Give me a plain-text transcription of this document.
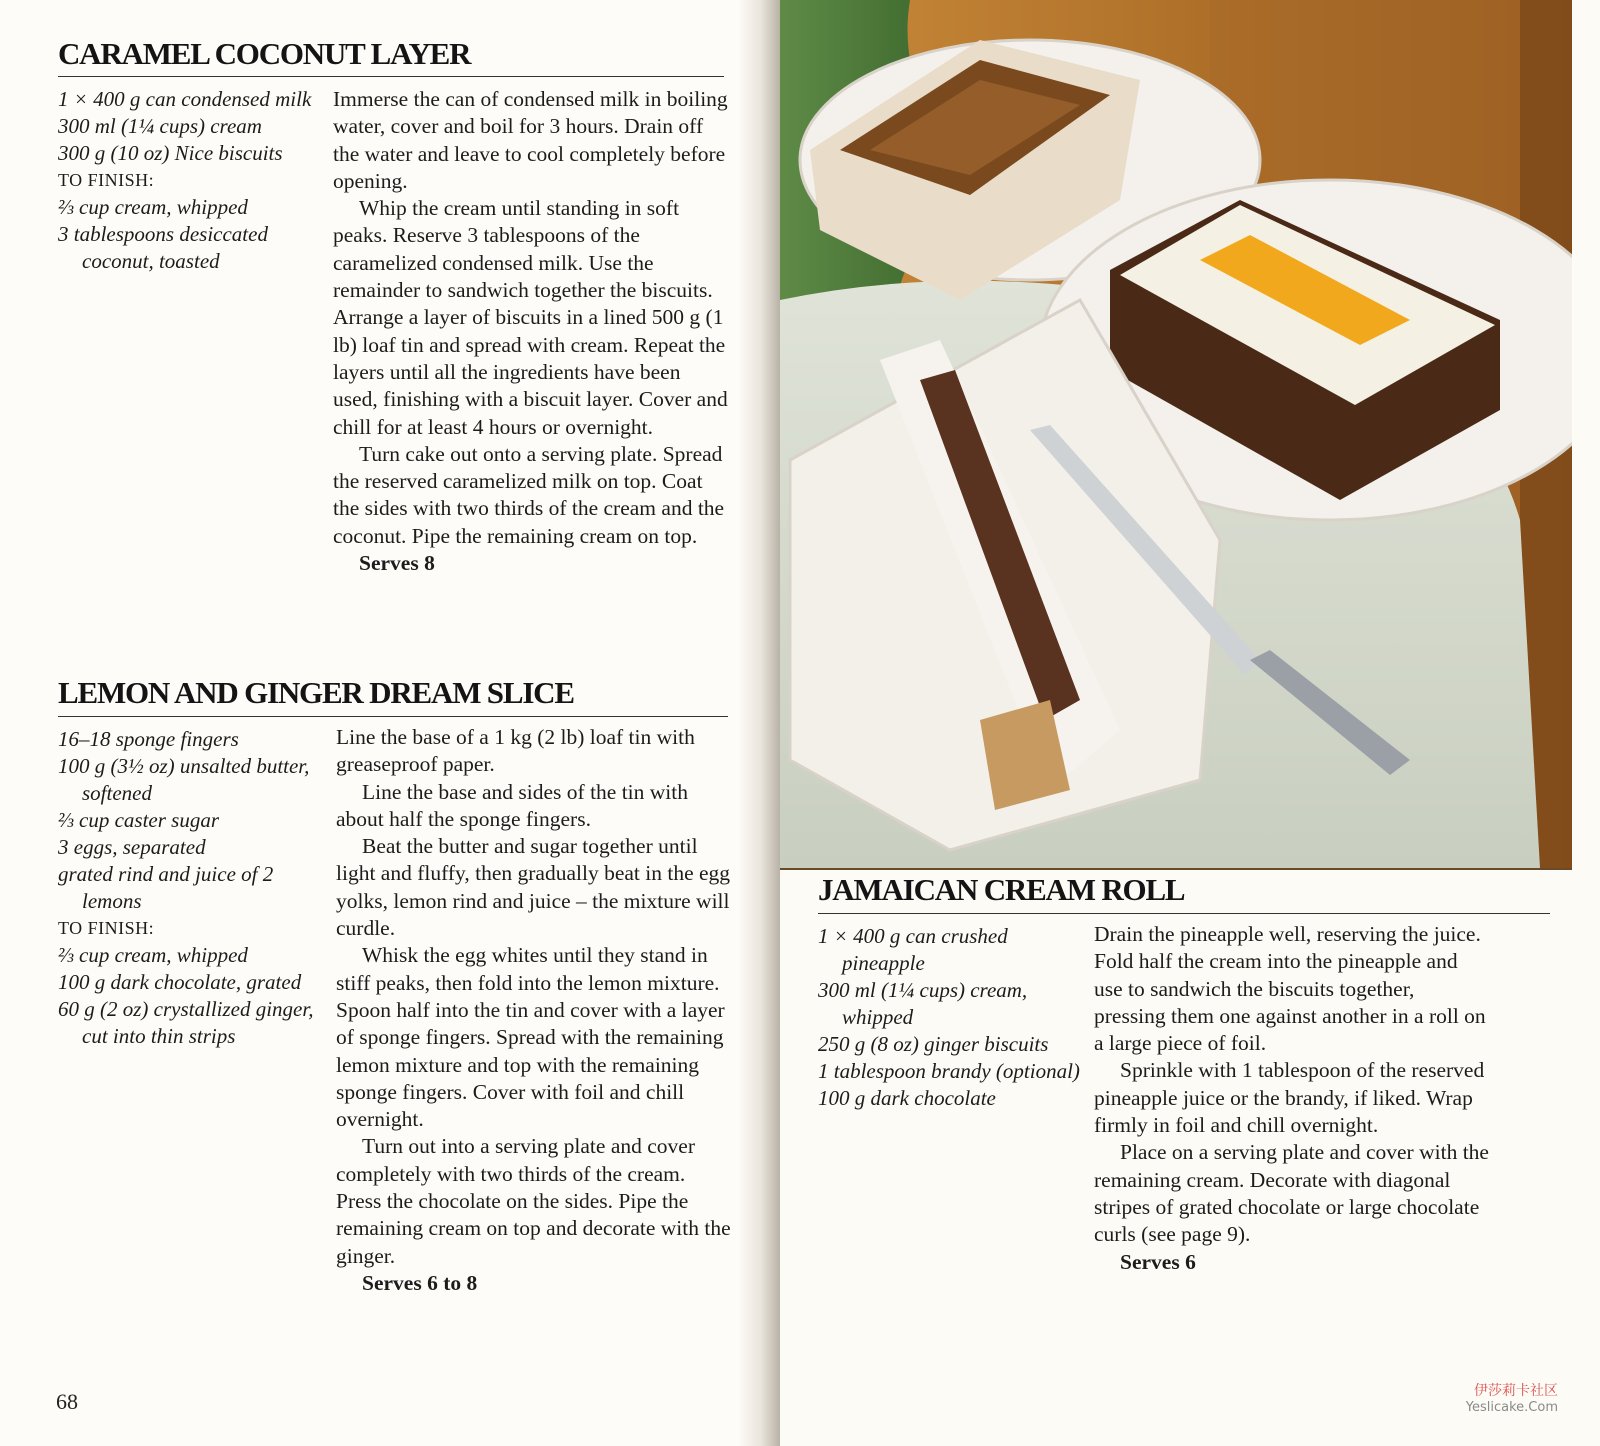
CARAMEL COCONUT LAYER
1 × 400 g can condensed milk
300 ml (1¼ cups) cream
300 g (10 oz) Nice biscuits
TO FINISH:
⅔ cup cream, whipped
3 tablespoons desiccated coconut, toasted

Immerse the can of condensed milk in boiling water, cover and boil for 3 hours. Drain off the water and leave to cool completely before opening.

Whip the cream until standing in soft peaks. Reserve 3 tablespoons of the caramelized condensed milk. Use the remainder to sandwich together the biscuits. Arrange a layer of biscuits in a lined 500 g (1 lb) loaf tin and spread with cream. Repeat the layers until all the ingredients have been used, finishing with a biscuit layer. Cover and chill for at least 4 hours or overnight.

Turn cake out onto a serving plate. Spread the reserved caramelized milk on top. Coat the sides with two thirds of the cream and the coconut. Pipe the remaining cream on top.

Serves 8

LEMON AND GINGER DREAM SLICE
16–18 sponge fingers
100 g (3½ oz) unsalted butter, softened
⅔ cup caster sugar
3 eggs, separated
grated rind and juice of 2 lemons
TO FINISH:
⅔ cup cream, whipped
100 g dark chocolate, grated
60 g (2 oz) crystallized ginger, cut into thin strips

Line the base of a 1 kg (2 lb) loaf tin with greaseproof paper.

Line the base and sides of the tin with about half the sponge fingers.

Beat the butter and sugar together until light and fluffy, then gradually beat in the egg yolks, lemon rind and juice – the mixture will curdle.

Whisk the egg whites until they stand in stiff peaks, then fold into the lemon mixture. Spoon half into the tin and cover with a layer of sponge fingers. Spread with the remaining lemon mixture and top with the remaining sponge fingers. Cover with foil and chill overnight.

Turn out into a serving plate and cover completely with two thirds of the cream. Press the chocolate on the sides. Pipe the remaining cream on top and decorate with the ginger.

Serves 6 to 8

68
JAMAICAN CREAM ROLL
1 × 400 g can crushed pineapple
300 ml (1¼ cups) cream, whipped
250 g (8 oz) ginger biscuits
1 tablespoon brandy (optional)
100 g dark chocolate

Drain the pineapple well, reserving the juice. Fold half the cream into the pineapple and use to sandwich the biscuits together, pressing them one against another in a roll on a large piece of foil.

Sprinkle with 1 tablespoon of the reserved pineapple juice or the brandy, if liked. Wrap firmly in foil and chill overnight.

Place on a serving plate and cover with the remaining cream. Decorate with diagonal stripes of grated chocolate or large chocolate curls (see page 9).

Serves 6

伊莎莉卡社区
Yeslicake.Com
